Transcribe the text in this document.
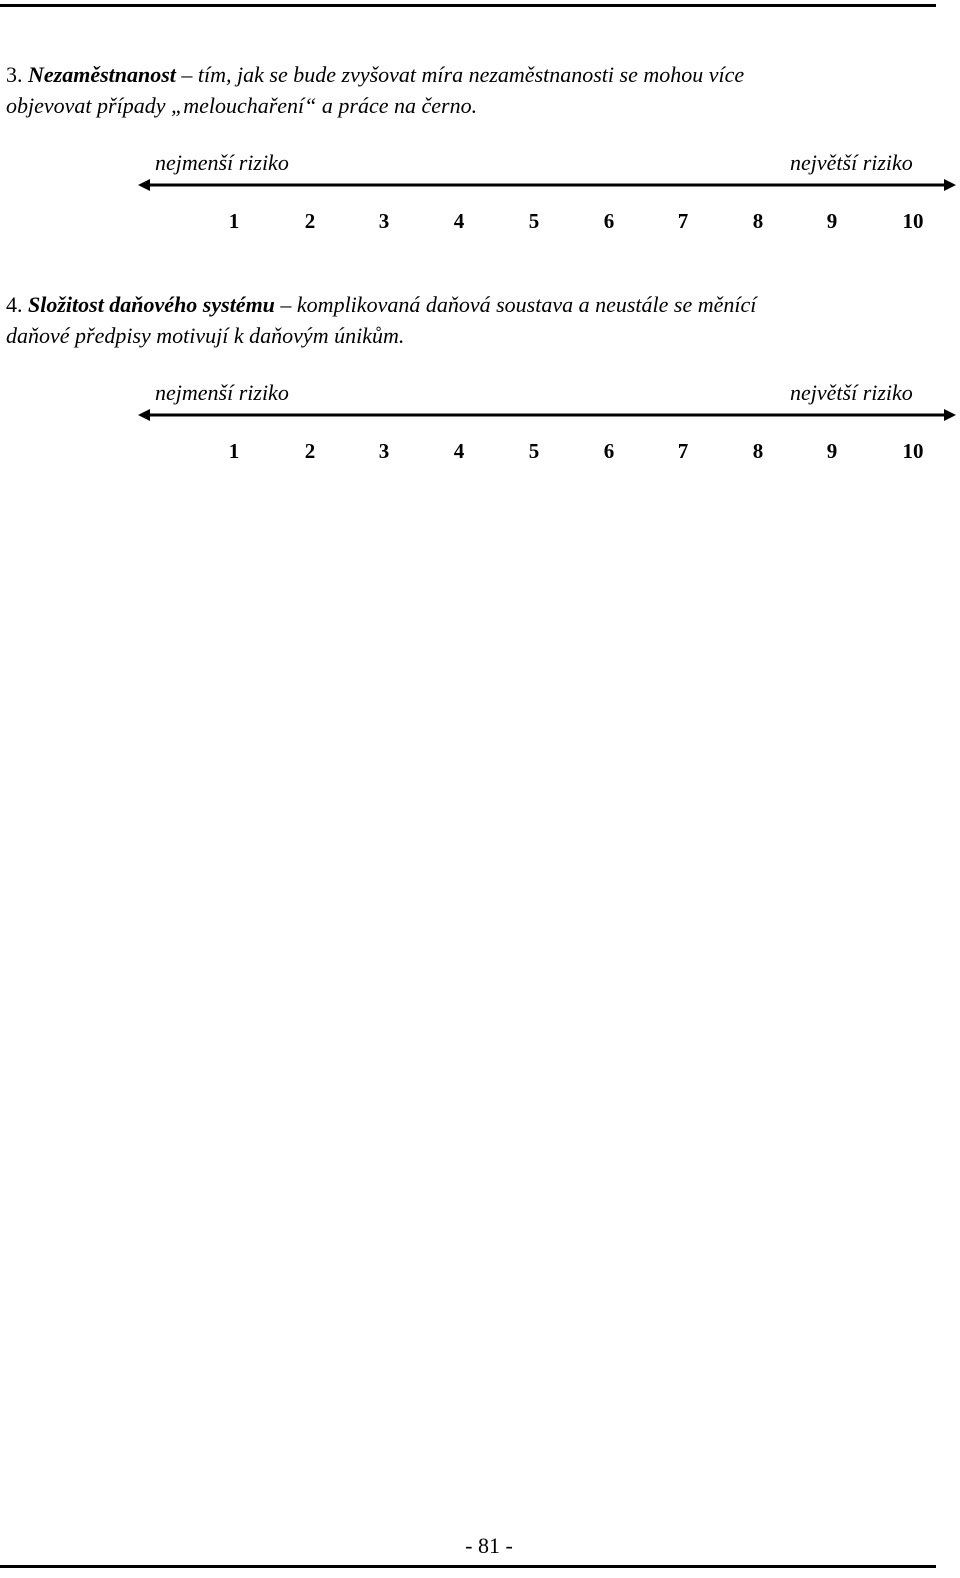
3. Nezaměstnanost – tím, jak se bude zvyšovat míra nezaměstnanosti se mohou více
objevovat případy „melouchaření“ a práce na černo.
nejmenší riziko	největší riziko
1	2	3	4	5	6	7	8	9	10
4. Složitost daňového systému – komplikovaná daňová soustava a neustále se měnící
daňové předpisy motivují k daňovým únikům.
nejmenší riziko	největší riziko
1	2	3	4	5	6	7	8	9	10
- 81 -
